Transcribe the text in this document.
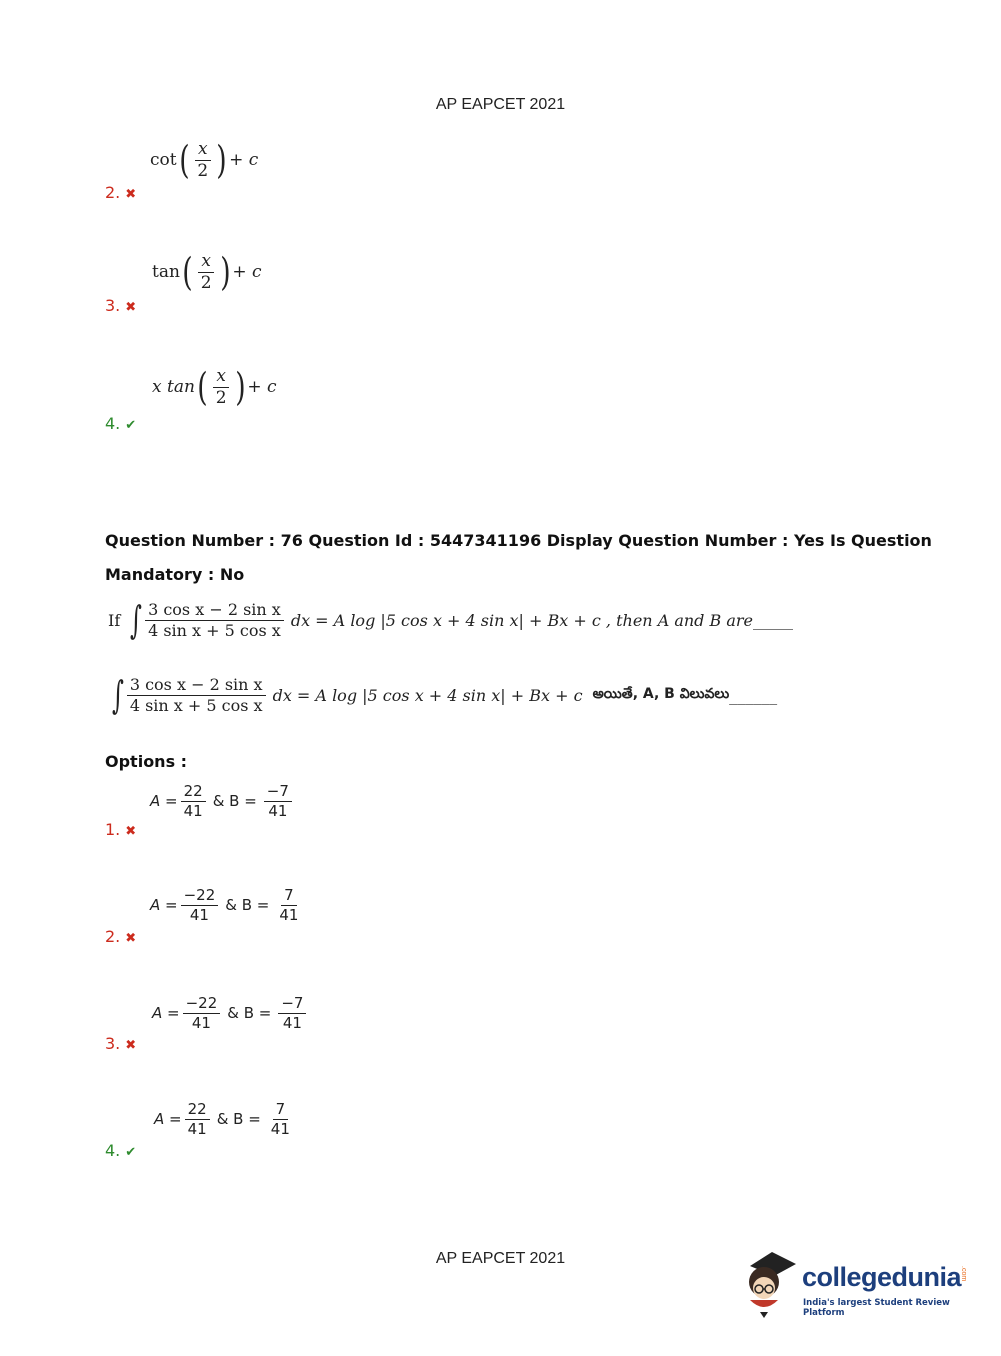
AP EAPCET 2021
cot ( $\frac{x}{2}$ ) + c
2. ✖
tan ( $\frac{x}{2}$ ) + c
3. ✖
x tan ( $\frac{x}{2}$ ) + c
4. ✔
Question Number : 76 Question Id : 5447341196 Display Question Number : Yes Is Question
Mandatory : No
If ∫ $\frac{\text{3 cos x − 2 sin x}}{\text{4 sin x + 5 cos x}}$ dx = A log |5 cos x + 4 sin x| + Bx + c , then A and B are _____
∫ $\frac{\text{3 cos x − 2 sin x}}{\text{4 sin x + 5 cos x}}$ dx = A log |5 cos x + 4 sin x| + Bx + c అయితే, A, B విలువలు ______
Options :
$A = \frac{22}{41}$ & $B = \frac{-7}{41}$
1. ✖
$A = \frac{-22}{41}$ & $B = \frac{7}{41}$
2. ✖
$A = \frac{-22}{41}$ & $B = \frac{-7}{41}$
3. ✖
$A = \frac{22}{41}$ & $B = \frac{7}{41}$
4. ✔
AP EAPCET 2021
collegedunia
.com
India's largest Student Review Platform
